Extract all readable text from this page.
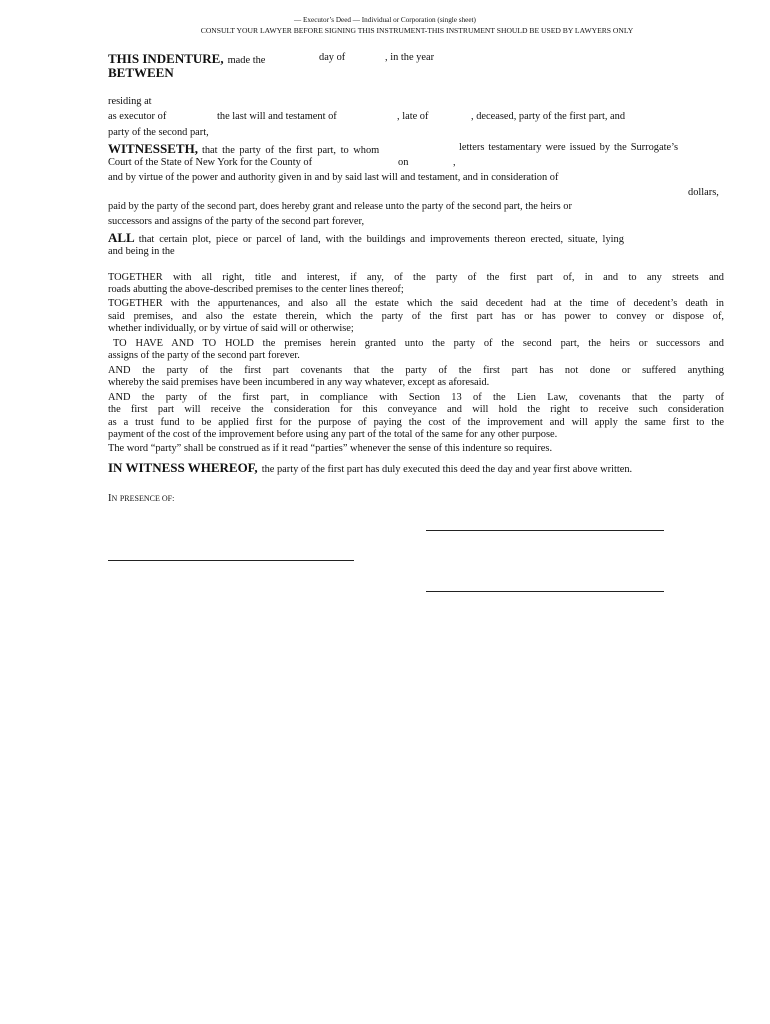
— Executor’s Deed — Individual or Corporation (single sheet)
CONSULT YOUR LAWYER BEFORE SIGNING THIS INSTRUMENT-THIS INSTRUMENT SHOULD BE USED BY LAWYERS ONLY
THIS INDENTURE, made the	day of	, in the year
BETWEEN
residing at
as executor of	the last will and testament of	, late of	, deceased, party of the first part, and
party of the second part,
WITNESSETH, that the party of the first part, to whom	letters testamentary were issued by the Surrogate’s
Court of the State of New York for the County of	on	,
and by virtue of the power and authority given in and by said last will and testament, and in consideration of
dollars,
paid by the party of the second part, does hereby grant and release unto the party of the second part, the heirs or
successors and assigns of the party of the second part forever,
ALL that certain plot, piece or parcel of land, with the buildings and improvements thereon erected, situate, lying
and being in the
TOGETHER with all right, title and interest, if any, of the party of the first part of, in and to any streets and
roads abutting the above-described premises to the center lines thereof;
TOGETHER with the appurtenances, and also all the estate which the said decedent had at the time of decedent’s death in
said premises, and also the estate therein, which the party of the first part has or has power to convey or dispose of,
whether individually, or by virtue of said will or otherwise;
TO HAVE AND TO HOLD the premises herein granted unto the party of the second part, the heirs or successors and
assigns of the party of the second part forever.
AND the party of the first part covenants that the party of the first part has not done or suffered anything
whereby the said premises have been incumbered in any way whatever, except as aforesaid.
AND the party of the first part, in compliance with Section 13 of the Lien Law, covenants that the party of
the first part will receive the consideration for this conveyance and will hold the right to receive such consideration
as a trust fund to be applied first for the purpose of paying the cost of the improvement and will apply the same first to the
payment of the cost of the improvement before using any part of the total of the same for any other purpose.
The word “party” shall be construed as if it read “parties” whenever the sense of this indenture so requires.
IN WITNESS WHEREOF, the party of the first part has duly executed this deed the day and year first above written.
IN PRESENCE OF:
